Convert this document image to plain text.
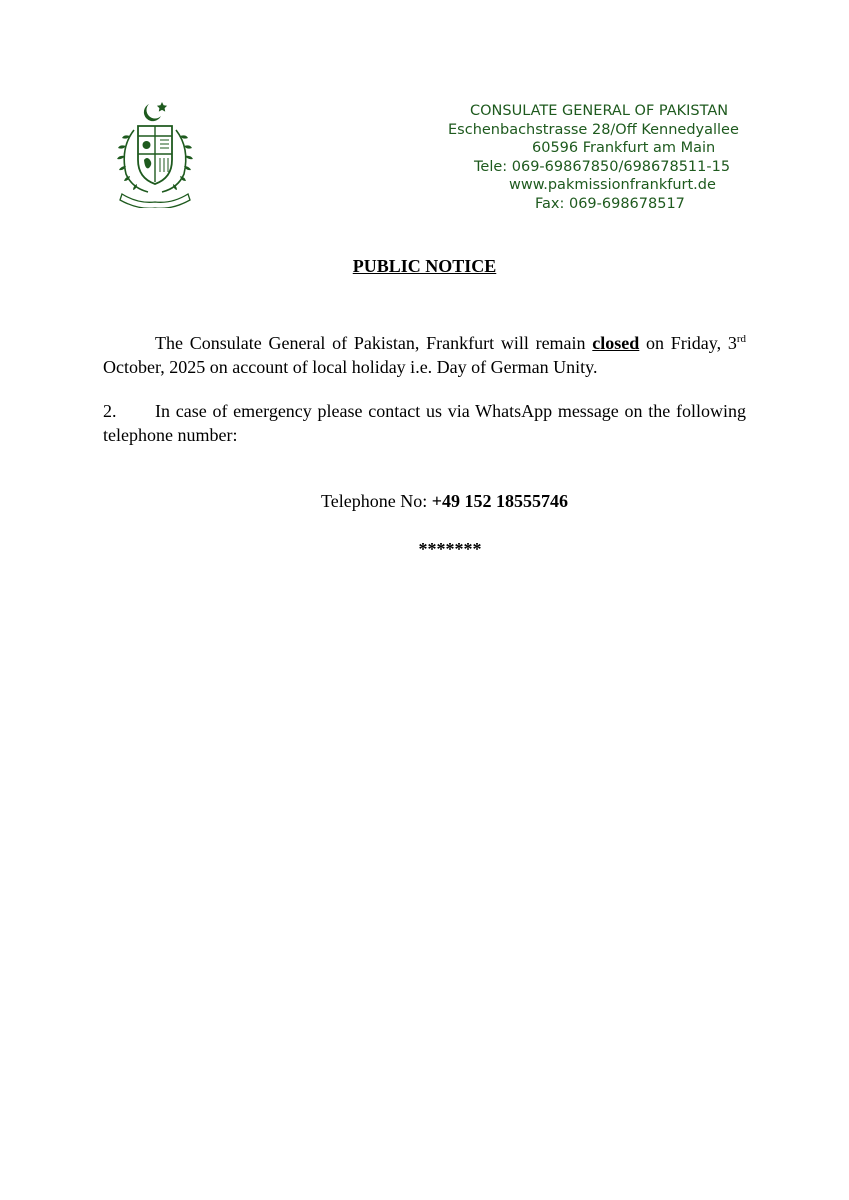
CONSULATE GENERAL OF PAKISTAN
Eschenbachstrasse 28/Off Kennedyallee
60596 Frankfurt am Main
Tele: 069-69867850/698678511-15
www.pakmissionfrankfurt.de
Fax: 069-698678517
PUBLIC NOTICE
The Consulate General of Pakistan, Frankfurt will remain closed on Friday, 3rd October, 2025 on account of local holiday i.e. Day of German Unity.
2. In case of emergency please contact us via WhatsApp message on the following telephone number:
Telephone No: +49 152 18555746
*******
